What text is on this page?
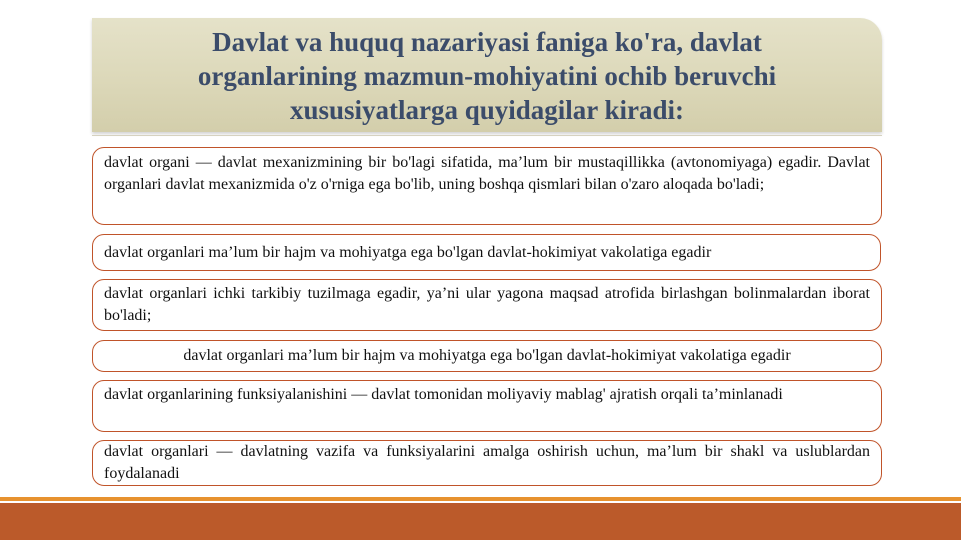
Davlat va huquq nazariyasi faniga ko'ra, davlat organlarining mazmun-mohiyatini ochib beruvchi xususiyatlarga quyidagilar kiradi:
davlat organi — davlat mexanizmining bir bo'lagi sifatida, ma’lum bir mustaqillikka (avtonomiyaga) egadir. Davlat organlari davlat mexanizmida o'z o'rniga ega bo'lib, uning boshqa qismlari bilan o'zaro aloqada bo'ladi;
davlat organlari ma’lum bir hajm va mohiyatga ega bo'lgan davlat-hokimiyat vakolatiga egadir
davlat organlari ichki tarkibiy tuzilmaga egadir, ya’ni ular yagona maqsad atrofida birlashgan bolinmalardan iborat bo'ladi;
davlat organlari ma’lum bir hajm va mohiyatga ega bo'lgan davlat-hokimiyat vakolatiga egadir
davlat organlarining funksiyalanishini — davlat tomonidan moliyaviy mablag' ajratish orqali ta’minlanadi
davlat organlari — davlatning vazifa va funksiyalarini amalga oshirish uchun, ma’lum bir shakl va uslublardan foydalanadi
